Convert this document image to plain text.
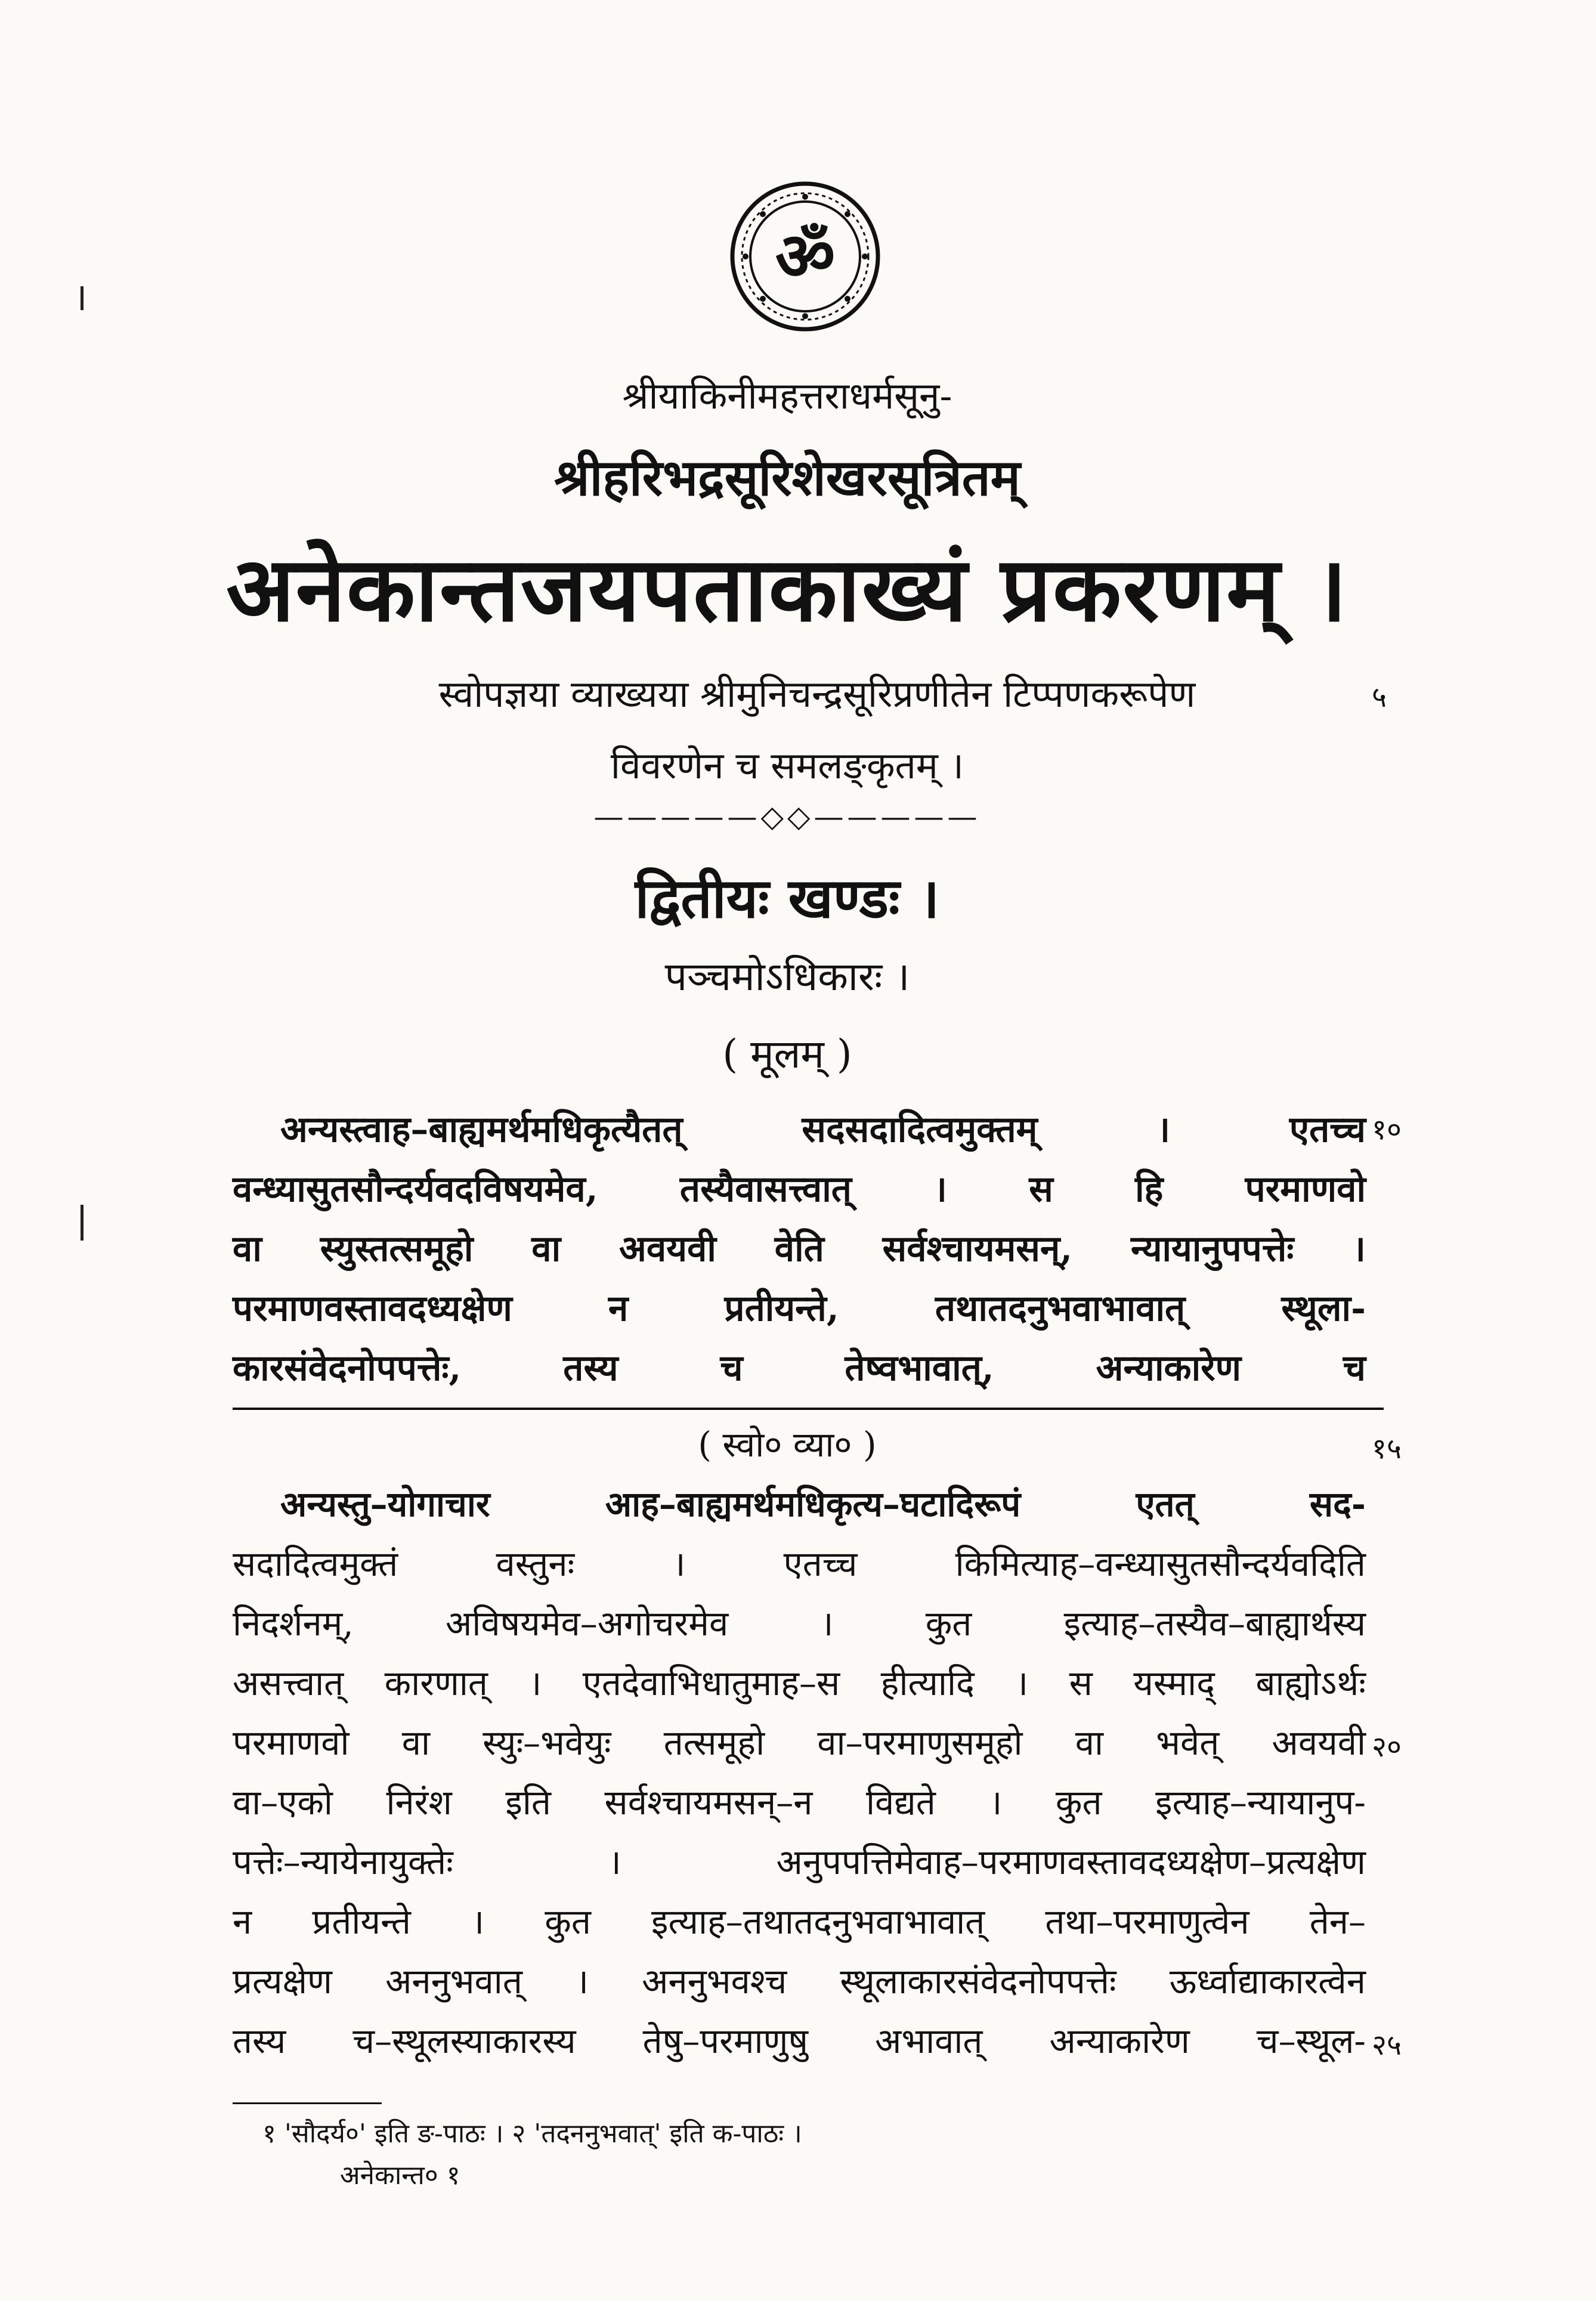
ॐ
श्रीयाकिनीमहत्तराधर्मसूनु-
श्रीहरिभद्रसूरिशेखरसूत्रितम्
अनेकान्तजयपताकाख्यं प्रकरणम् ।
स्वोपज्ञया व्याख्यया श्रीमुनिचन्द्रसूरिप्रणीतेन टिप्पणकरूपेण	५
विवरणेन च समलङ्कृतम् ।
—————◇◇—————
द्वितीयः खण्डः ।
पञ्चमोऽधिकारः ।
( मूलम् )
अन्यस्त्वाह–बाह्यमर्थमधिकृत्यैतत् सदसदादित्वमुक्तम् । एतच्च १०
वन्ध्यासुतसौन्दर्यवदविषयमेव, तस्यैवासत्त्वात् । स हि परमाणवो
वा स्युस्तत्समूहो वा अवयवी वेति सर्वश्चायमसन्, न्यायानुपपत्तेः ।
परमाणवस्तावदध्यक्षेण न प्रतीयन्ते, तथातदनुभवाभावात् स्थूला-
कारसंवेदनोपपत्तेः, तस्य च तेष्वभावात्, अन्याकारेण च
( स्वो० व्या० )	१५
अन्यस्तु–योगाचार आह–बाह्यमर्थमधिकृत्य–घटादिरूपं एतत् सद-
सदादित्वमुक्तं वस्तुनः । एतच्च किमित्याह–वन्ध्यासुतसौन्दर्यवदिति
निदर्शनम्, अविषयमेव–अगोचरमेव । कुत इत्याह–तस्यैव–बाह्यार्थस्य
असत्त्वात् कारणात् । एतदेवाभिधातुमाह–स हीत्यादि । स यस्माद् बाह्योऽर्थः
परमाणवो वा स्युः–भवेयुः तत्समूहो वा–परमाणुसमूहो वा भवेत् अवयवी २०
वा–एको निरंश इति सर्वश्चायमसन्–न विद्यते । कुत इत्याह–न्यायानुप-
पत्तेः–न्यायेनायुक्तेः । अनुपपत्तिमेवाह–परमाणवस्तावदध्यक्षेण–प्रत्यक्षेण
न प्रतीयन्ते । कुत इत्याह–तथातदनुभवाभावात् तथा–परमाणुत्वेन तेन–
प्रत्यक्षेण अननुभवात् । अननुभवश्च स्थूलाकारसंवेदनोपपत्तेः ऊर्ध्वाद्याकारत्वेन
तस्य च–स्थूलस्याकारस्य तेषु–परमाणुषु अभावात् अन्याकारेण च–स्थूल- २५
१ 'सौदर्य०' इति ङ-पाठः । २ 'तदननुभवात्' इति क-पाठः ।
अनेकान्त० १
